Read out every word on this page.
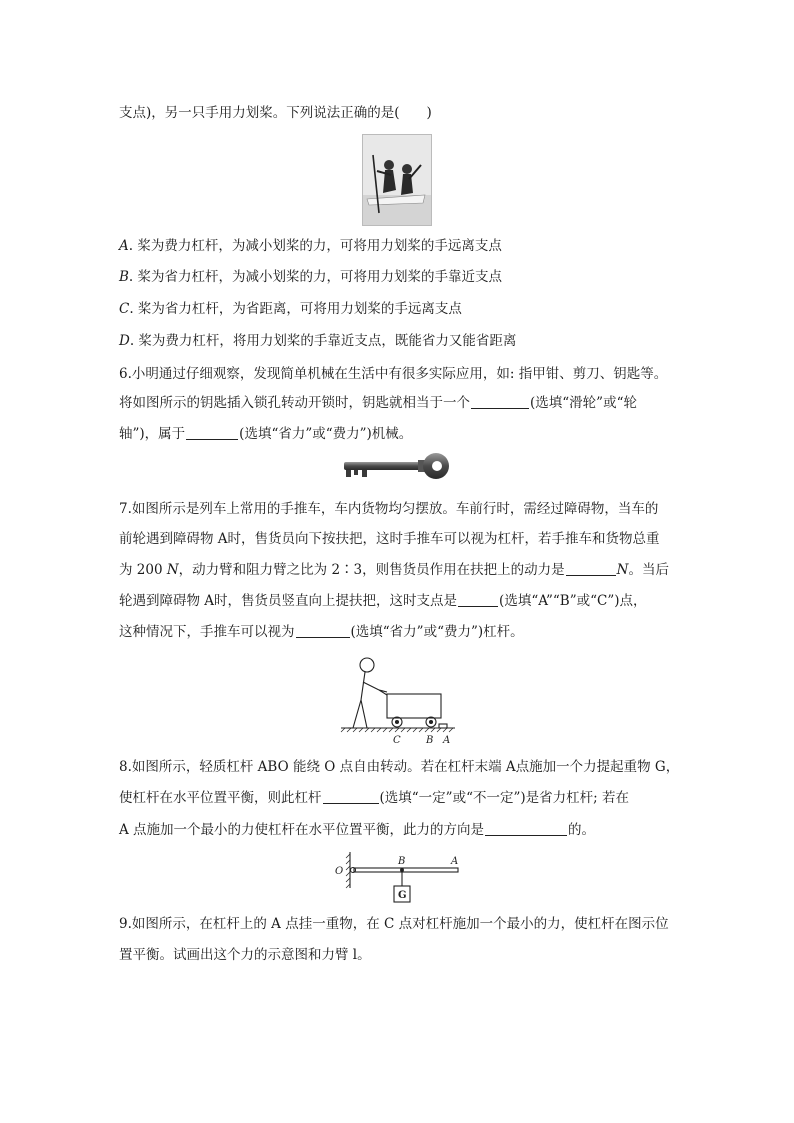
支点)，另一只手用力划桨。下列说法正确的是(　　)
A. 桨为费力杠杆，为减小划桨的力，可将用力划桨的手远离支点
B. 桨为省力杠杆，为减小划桨的力，可将用力划桨的手靠近支点
C. 桨为省力杠杆，为省距离，可将用力划桨的手远离支点
D. 桨为费力杠杆，将用力划桨的手靠近支点，既能省力又能省距离
6.小明通过仔细观察，发现简单机械在生活中有很多实际应用，如: 指甲钳、剪刀、钥匙等。
将如图所示的钥匙插入锁孔转动开锁时，钥匙就相当于一个	(选填“滑轮”或“轮
轴”)，属于	(选填“省力”或“费力”)机械。
7.如图所示是列车上常用的手推车，车内货物均匀摆放。车前行时，需经过障碍物，当车的
前轮遇到障碍物 A时，售货员向下按扶把，这时手推车可以视为杠杆，若手推车和货物总重
为 200 N，动力臂和阻力臂之比为 2∶3，则售货员作用在扶把上的动力是	N。当后
轮遇到障碍物 A时，售货员竖直向上提扶把，这时支点是	(选填“A”“B”或“C”)点，
这种情况下，手推车可以视为	(选填“省力”或“费力”)杠杆。
C	B A
8.如图所示，轻质杠杆 ABO 能绕 O 点自由转动。若在杠杆末端 A点施加一个力提起重物 G，
使杠杆在水平位置平衡，则此杠杆	(选填“一定”或“不一定”)是省力杠杆; 若在
A 点施加一个最小的力使杠杆在水平位置平衡，此力的方向是	的。
O
B	A
G
9.如图所示，在杠杆上的 A 点挂一重物，在 C 点对杠杆施加一个最小的力，使杠杆在图示位
置平衡。试画出这个力的示意图和力臂 l。
